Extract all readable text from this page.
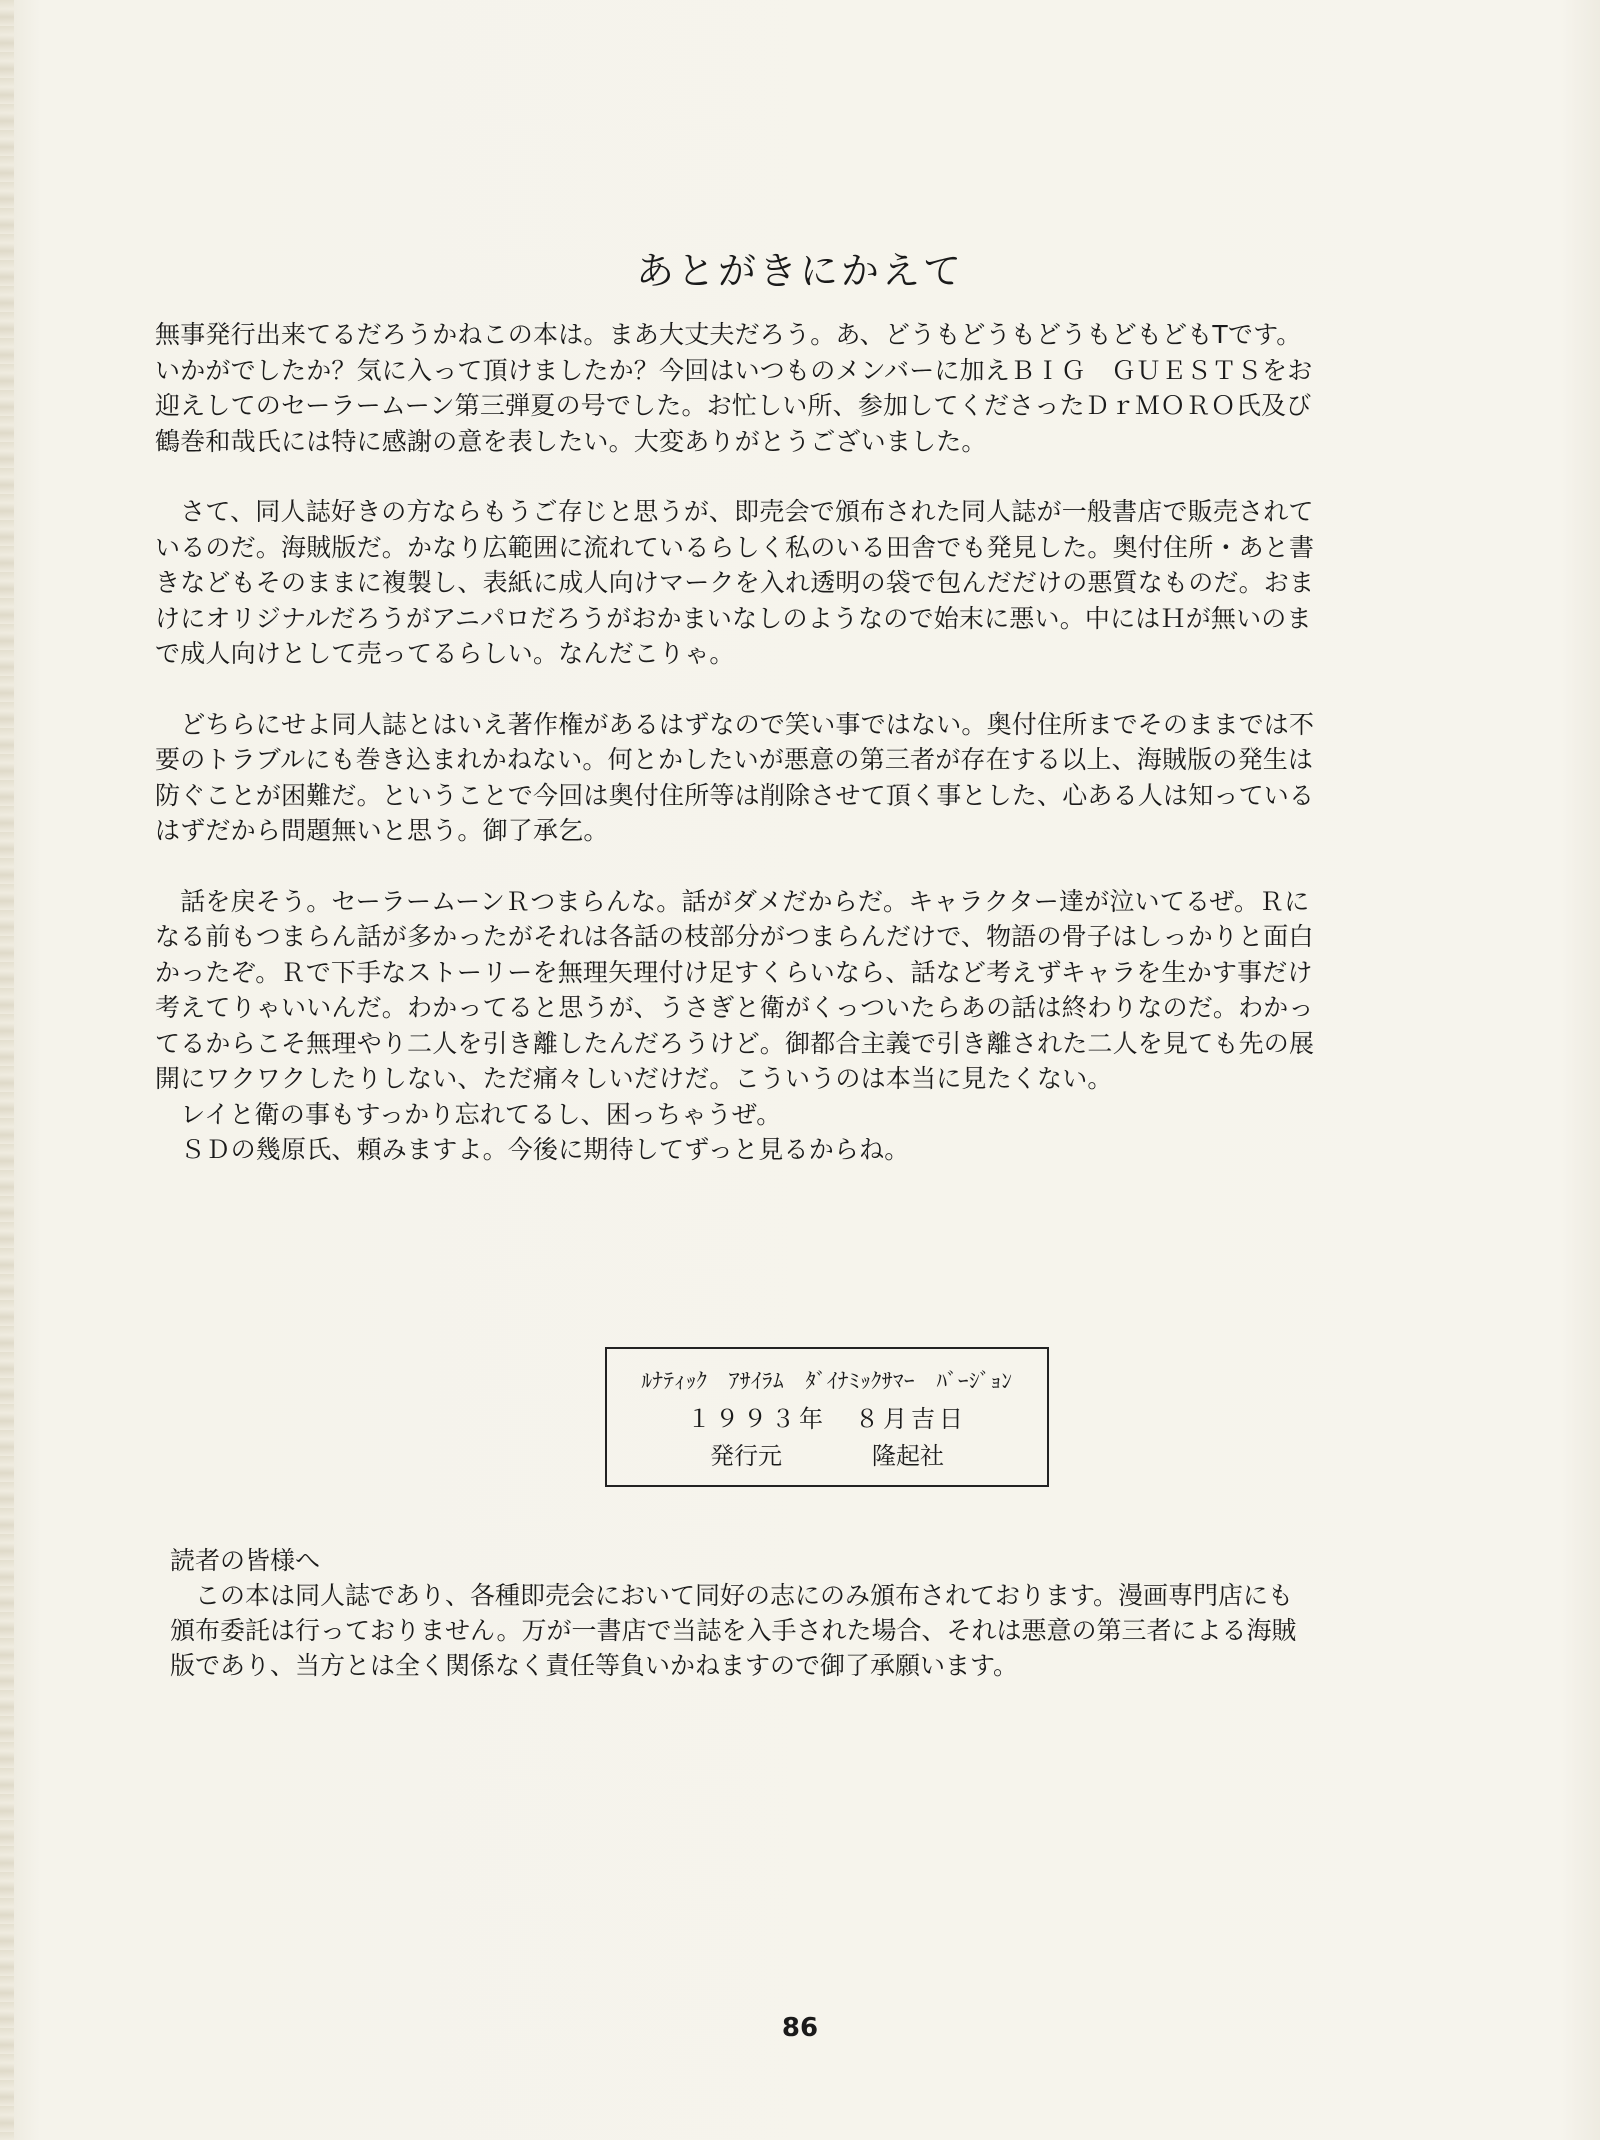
あとがきにかえて

無事発行出来てるだろうかねこの本は。まあ大丈夫だろう。あ、どうもどうもどうもどもどもTです。

いかがでしたか？気に入って頂けましたか？今回はいつものメンバーに加えＢＩＧ　ＧＵＥＳＴＳをお

迎えしてのセーラームーン第三弾夏の号でした。お忙しい所、参加してくださったＤｒＭＯＲＯ氏及び

鶴巻和哉氏には特に感謝の意を表したい。大変ありがとうございました。

　さて、同人誌好きの方ならもうご存じと思うが、即売会で頒布された同人誌が一般書店で販売されて

いるのだ。海賊版だ。かなり広範囲に流れているらしく私のいる田舎でも発見した。奥付住所・あと書

きなどもそのままに複製し、表紙に成人向けマークを入れ透明の袋で包んだだけの悪質なものだ。おま

けにオリジナルだろうがアニパロだろうがおかまいなしのようなので始末に悪い。中にはＨが無いのま

で成人向けとして売ってるらしい。なんだこりゃ。

　どちらにせよ同人誌とはいえ著作権があるはずなので笑い事ではない。奥付住所までそのままでは不

要のトラブルにも巻き込まれかねない。何とかしたいが悪意の第三者が存在する以上、海賊版の発生は

防ぐことが困難だ。ということで今回は奥付住所等は削除させて頂く事とした、心ある人は知っている

はずだから問題無いと思う。御了承乞。

　話を戻そう。セーラームーンＲつまらんな。話がダメだからだ。キャラクター達が泣いてるぜ。Ｒに

なる前もつまらん話が多かったがそれは各話の枝部分がつまらんだけで、物語の骨子はしっかりと面白

かったぞ。Ｒで下手なストーリーを無理矢理付け足すくらいなら、話など考えずキャラを生かす事だけ

考えてりゃいいんだ。わかってると思うが、うさぎと衛がくっついたらあの話は終わりなのだ。わかっ

てるからこそ無理やり二人を引き離したんだろうけど。御都合主義で引き離された二人を見ても先の展

開にワクワクしたりしない、ただ痛々しいだけだ。こういうのは本当に見たくない。

　レイと衛の事もすっかり忘れてるし、困っちゃうぜ。

　ＳＤの幾原氏、頼みますよ。今後に期待してずっと見るからね。

ﾙﾅﾃｨｯｸ　ｱｻｲﾗﾑ　ﾀﾞｲﾅﾐｯｸｻﾏｰ　ﾊﾞｰｼﾞｮﾝ
１９９３年　８月吉日
発行元	隆起社

読者の皆様へ

　この本は同人誌であり、各種即売会において同好の志にのみ頒布されております。漫画専門店にも

頒布委託は行っておりません。万が一書店で当誌を入手された場合、それは悪意の第三者による海賊

版であり、当方とは全く関係なく責任等負いかねますので御了承願います。

86
